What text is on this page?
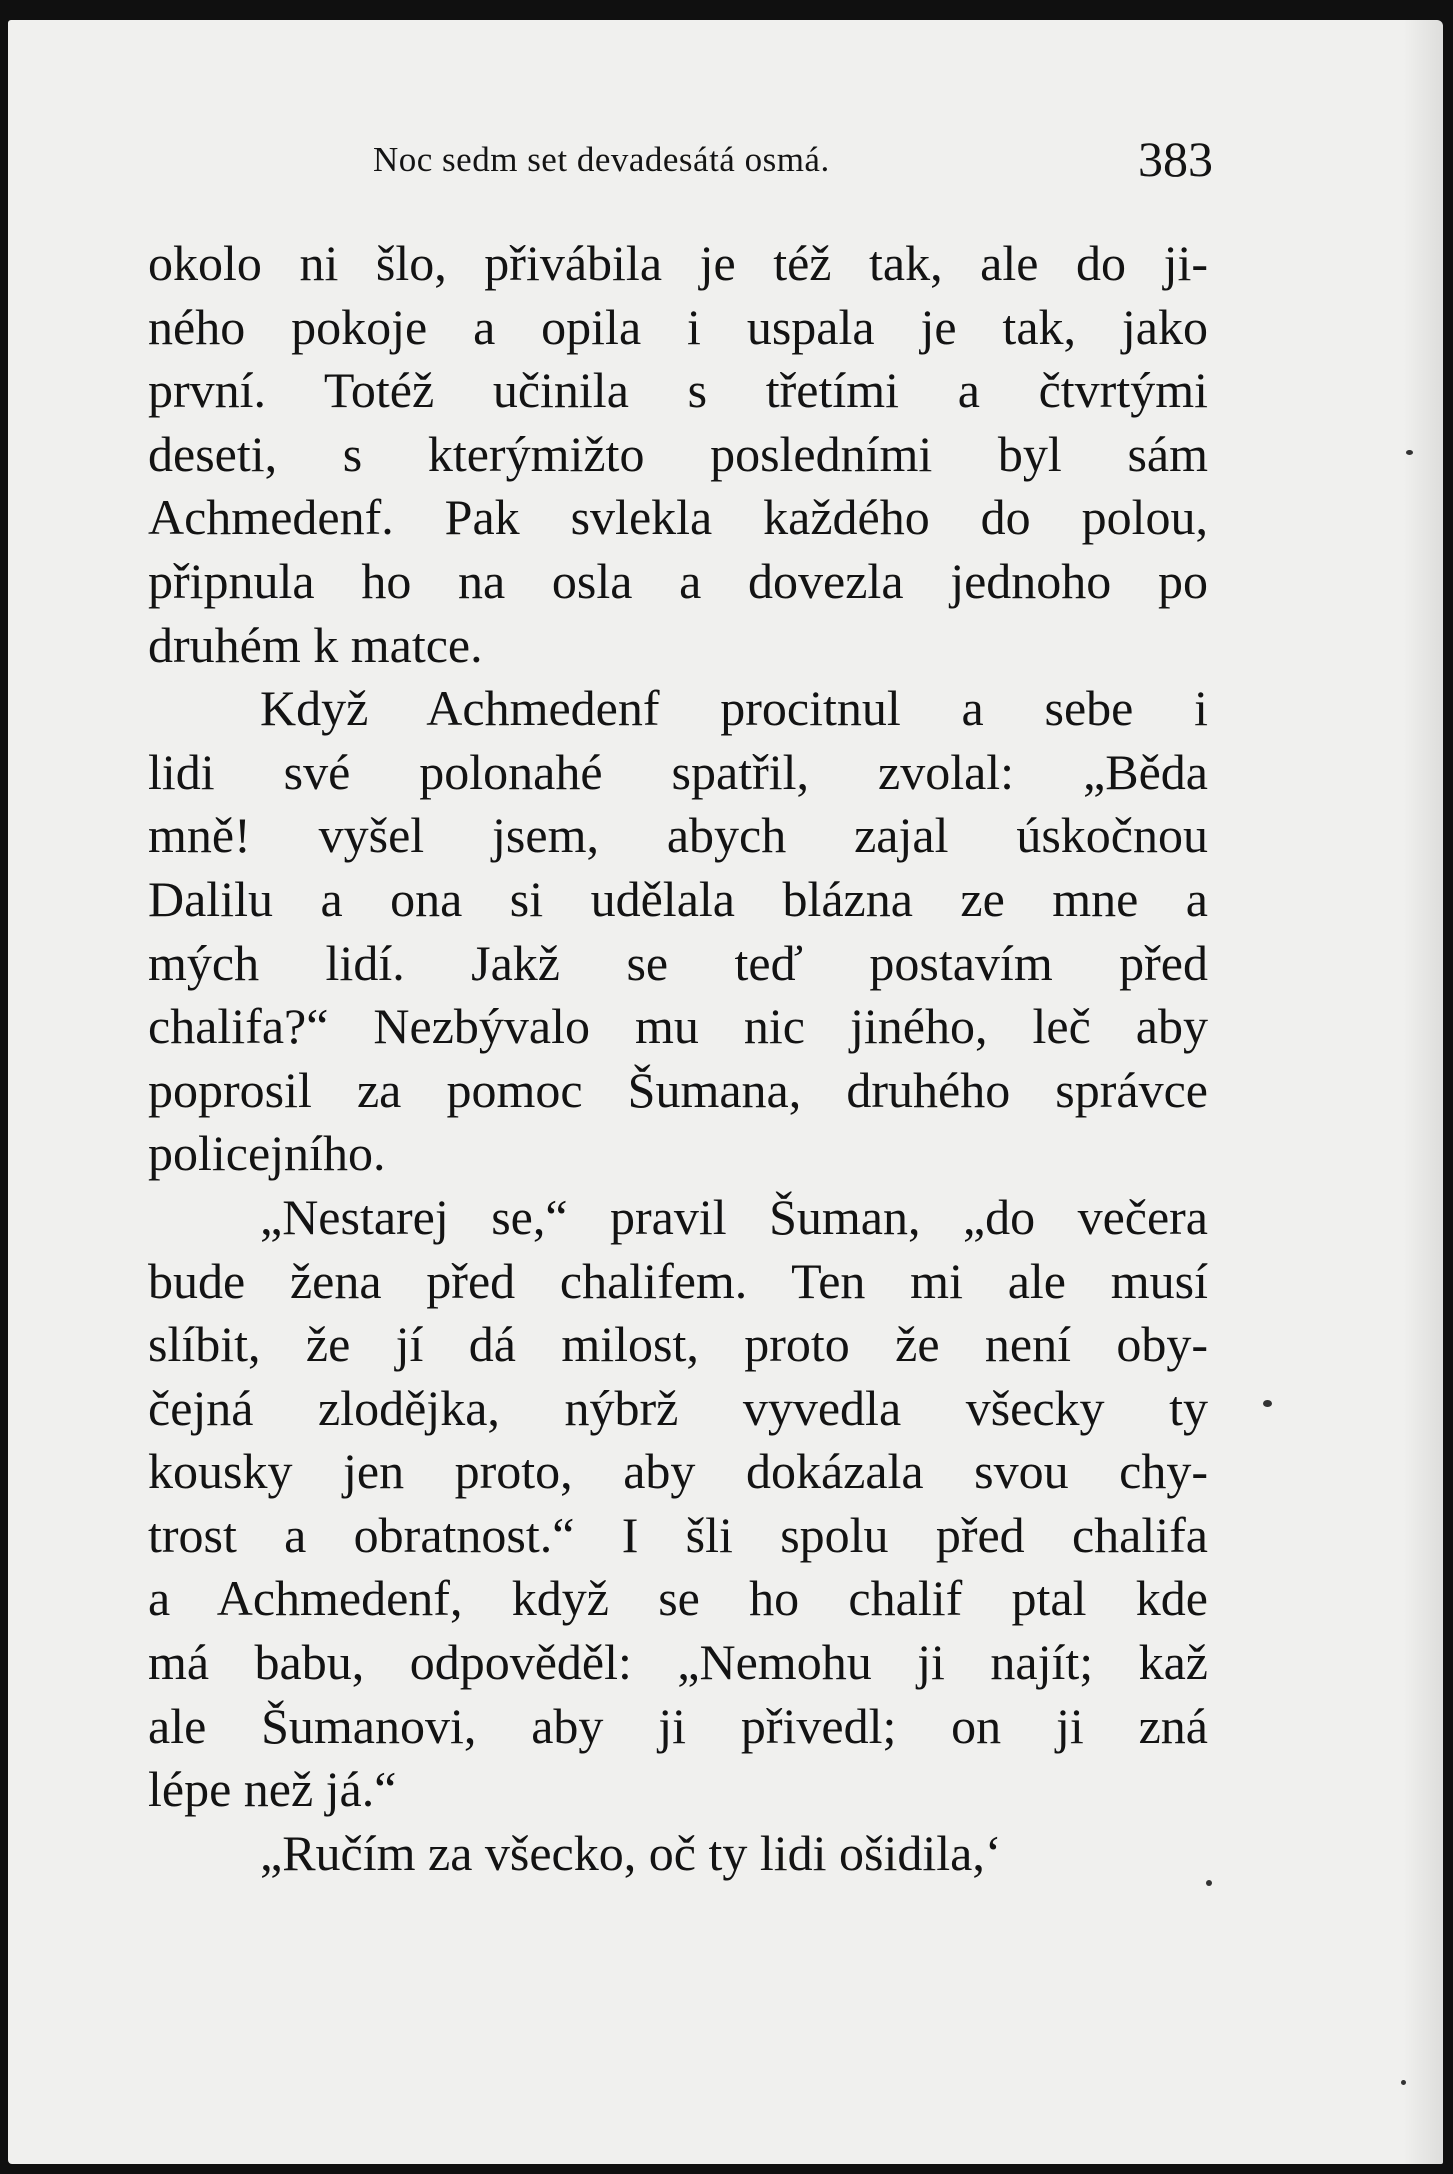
Noc sedm set devadesátá osmá.	383
okolo ni šlo, přivábila je též tak, ale do ji-
ného pokoje a opila i uspala je tak, jako
první. Totéž učinila s třetími a čtvrtými
deseti, s kterýmižto posledními byl sám
Achmedenf. Pak svlekla každého do polou,
připnula ho na osla a dovezla jednoho po
druhém k matce.
Když Achmedenf procitnul a sebe i
lidi své polonahé spatřil, zvolal: „Běda
mně! vyšel jsem, abych zajal úskočnou
Dalilu a ona si udělala blázna ze mne a
mých lidí. Jakž se teď postavím před
chalifa?“ Nezbývalo mu nic jiného, leč aby
poprosil za pomoc Šumana, druhého správce
policejního.
„Nestarej se,“ pravil Šuman, „do večera
bude žena před chalifem. Ten mi ale musí
slíbit, že jí dá milost, proto že není oby-
čejná zlodějka, nýbrž vyvedla všecky ty
kousky jen proto, aby dokázala svou chy-
trost a obratnost.“ I šli spolu před chalifa
a Achmedenf, když se ho chalif ptal kde
má babu, odpověděl: „Nemohu ji najít; kaž
ale Šumanovi, aby ji přivedl; on ji zná
lépe než já.“
„Ručím za všecko, oč ty lidi ošidila,‘
